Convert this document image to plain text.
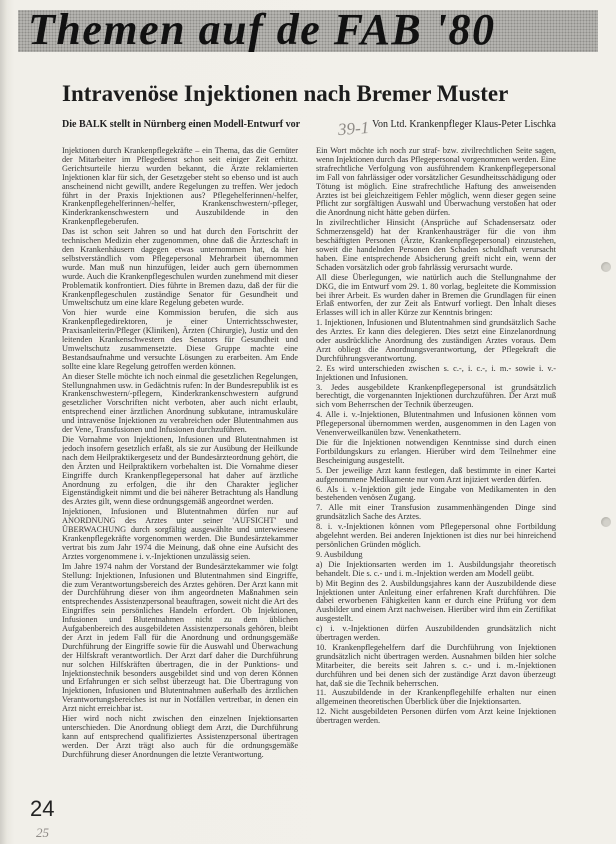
Themen auf de FAB '80
Intravenöse Injektionen nach Bremer Muster
Die BALK stellt in Nürnberg einen Modell-Entwurf vor 39-1 Von Ltd. Krankenpfleger Klaus-Peter Lischka

Injektionen durch Krankenpflegekräfte – ein Thema, das die Gemüter der Mitarbeiter im Pflegedienst schon seit einiger Zeit erhitzt. Gerichtsurteile hierzu wurden bekannt, die Ärzte reklamierten Injektionen klar für sich, der Gesetzgeber steht so ebenso und ist auch anscheinend nicht gewillt, andere Regelungen zu treffen. Wer jedoch führt in der Praxis Injektionen aus? Pflegehelferinnen/-helfer, Krankenpflegehelferinnen/-helfer, Krankenschwestern/-pfleger, Kinderkrankenschwestern und Auszubildende in den Krankenpflegeberufen.

Das ist schon seit Jahren so und hat durch den Fortschritt der technischen Medizin eher zugenommen, ohne daß die Ärzteschaft in den Krankenhäusern dagegen etwas unternommen hat, da hier selbstverständlich vom Pflegepersonal Mehrarbeit übernommen wurde. Man muß nun hinzufügen, leider auch gern übernommen wurde. Auch die Krankenpflegeschulen wurden zunehmend mit dieser Problematik konfrontiert. Dies führte in Bremen dazu, daß der für die Krankenpflegeschulen zuständige Senator für Gesundheit und Umweltschutz um eine klare Regelung gebeten wurde.

Von hier wurde eine Kommission berufen, die sich aus Krankenpflegedirektoren, je einer Unterrichtsschwester, Praxisanleiterin/Pfleger (Kliniken), Ärzten (Chirurgie), Justiz und den leitenden Krankenschwestern des Senators für Gesundheit und Umweltschutz zusammensetzte. Diese Gruppe machte eine Bestandsaufnahme und versuchte Lösungen zu erarbeiten. Am Ende sollte eine klare Regelung getroffen werden können.

An dieser Stelle möchte ich noch einmal die gesetzlichen Regelungen, Stellungnahmen usw. in Gedächtnis rufen: In der Bundesrepublik ist es Krankenschwestern/-pflegern, Kinderkrankenschwestern aufgrund gesetzlicher Vorschriften nicht verboten, aber auch nicht erlaubt, entsprechend einer ärztlichen Anordnung subkutane, intramuskuläre und intravenöse Injektionen zu verabreichen oder Blutentnahmen aus der Vene, Transfusionen und Infusionen durchzuführen.

Die Vornahme von Injektionen, Infusionen und Blutentnahmen ist jedoch insofern gesetzlich erfaßt, als sie zur Ausübung der Heilkunde nach dem Heilpraktikergesetz und der Bundesärzteordnung gehört, die den Ärzten und Heilpraktikern vorbehalten ist. Die Vornahme dieser Eingriffe durch Krankenpflegepersonal hat daher auf ärztliche Anordnung zu erfolgen, die ihr den Charakter jeglicher Eigenständigkeit nimmt und die bei näherer Betrachtung als Handlung des Arztes gilt, wenn diese ordnungsgemäß angeordnet werden.

Injektionen, Infusionen und Blutentnahmen dürfen nur auf ANORDNUNG des Arztes unter seiner 'AUFSICHT' und ÜBERWACHUNG durch sorgfältig ausgewählte und unterwiesene Krankenpflegekräfte vorgenommen werden. Die Bundesärztekammer vertrat bis zum Jahr 1974 die Meinung, daß ohne eine Aufsicht des Arztes vorgenommene i. v.-Injektionen unzulässig seien.

Im Jahre 1974 nahm der Vorstand der Bundesärztekammer wie folgt Stellung: Injektionen, Infusionen und Blutentnahmen sind Eingriffe, die zum Verantwortungsbereich des Arztes gehören. Der Arzt kann mit der Durchführung dieser von ihm angeordneten Maßnahmen sein entsprechendes Assistenzpersonal beauftragen, soweit nicht die Art des Eingriffes sein persönliches Handeln erfordert. Ob Injektionen, Infusionen und Blutentnahmen nicht zu dem üblichen Aufgabenbereich des ausgebildeten Assistenzpersonals gehören, bleibt der Arzt in jedem Fall für die Anordnung und ordnungsgemäße Durchführung der Eingriffe sowie für die Auswahl und Überwachung der Hilfskraft verantwortlich. Der Arzt darf daher die Durchführung nur solchen Hilfskräften übertragen, die in der Punktions- und Injektionstechnik besonders ausgebildet sind und von deren Können und Erfahrungen er sich selbst überzeugt hat. Die Übertragung von Injektionen, Infusionen und Blutentnahmen außerhalb des ärztlichen Verantwortungsbereiches ist nur in Notfällen vertretbar, in denen ein Arzt nicht erreichbar ist.

Hier wird noch nicht zwischen den einzelnen Injektionsarten unterschieden. Die Anordnung obliegt dem Arzt, die Durchführung kann auf entsprechend qualifiziertes Assistenzpersonal übertragen werden. Der Arzt trägt also auch für die ordnungsgemäße Durchführung dieser Anordnungen die letzte Verantwortung.

Ein Wort möchte ich noch zur straf- bzw. zivilrechtlichen Seite sagen, wenn Injektionen durch das Pflegepersonal vorgenommen werden. Eine strafrechtliche Verfolgung von ausführendem Krankenpflegepersonal im Fall von fahrlässiger oder vorsätzlicher Gesundheitsschädigung oder Tötung ist möglich. Eine strafrechtliche Haftung des anweisenden Arztes ist bei gleichzeitigem Fehler möglich, wenn dieser gegen seine Pflicht zur sorgfältigen Auswahl und Überwachung verstoßen hat oder die Anordnung nicht hätte geben dürfen.

In zivilrechtlicher Hinsicht (Ansprüche auf Schadensersatz oder Schmerzensgeld) hat der Krankenhausträger für die von ihm beschäftigten Personen (Ärzte, Krankenpflegepersonal) einzustehen, soweit die handelnden Personen den Schaden schuldhaft verursacht haben. Eine entsprechende Absicherung greift nicht ein, wenn der Schaden vorsätzlich oder grob fahrlässig verursacht wurde.

All diese Überlegungen, wie natürlich auch die Stellungnahme der DKG, die im Entwurf vom 29. 1. 80 vorlag, begleitete die Kommission bei ihrer Arbeit. Es wurden daher in Bremen die Grundlagen für einen Erlaß entworfen, der zur Zeit als Entwurf vorliegt. Den Inhalt dieses Erlasses will ich in aller Kürze zur Kenntnis bringen:

1. Injektionen, Infusionen und Blutentnahmen sind grundsätzlich Sache des Arztes. Er kann dies delegieren. Dies setzt eine Einzelanordnung oder ausdrückliche Anordnung des zuständigen Arztes voraus. Dem Arzt obliegt die Anordnungsverantwortung, der Pflegekraft die Durchführungsverantwortung.

2. Es wird unterschieden zwischen s. c.-, i. c.-, i. m.- sowie i. v.-Injektionen und Infusionen.

3. Jedes ausgebildete Krankenpflegepersonal ist grundsätzlich berechtigt, die vorgenannten Injektionen durchzuführen. Der Arzt muß sich vom Beherrschen der Technik überzeugen.

4. Alle i. v.-Injektionen, Blutentnahmen und Infusionen können vom Pflegepersonal übernommen werden, ausgenommen in den Lagen von Venenverweilkanülen bzw. Venenkathetern.

Die für die Injektionen notwendigen Kenntnisse sind durch einen Fortbildungskurs zu erlangen. Hierüber wird dem Teilnehmer eine Bescheinigung ausgestellt.

5. Der jeweilige Arzt kann festlegen, daß bestimmte in einer Kartei aufgenommene Medikamente nur vom Arzt injiziert werden dürfen.

6. Als i. v.-Injektion gilt jede Eingabe von Medikamenten in den bestehenden venösen Zugang.

7. Alle mit einer Transfusion zusammenhängenden Dinge sind grundsätzlich Sache des Arztes.

8. i. v.-Injektionen können vom Pflegepersonal ohne Fortbildung abgelehnt werden. Bei anderen Injektionen ist dies nur bei hinreichend persönlichen Gründen möglich.

9. Ausbildung

a) Die Injektionsarten werden im 1. Ausbildungsjahr theoretisch behandelt. Die s. c.- und i. m.-Injektion werden am Modell geübt.

b) Mit Beginn des 2. Ausbildungsjahres kann der Auszubildende diese Injektionen unter Anleitung einer erfahrenen Kraft durchführen. Die dabei erworbenen Fähigkeiten kann er durch eine Prüfung vor dem Ausbilder und einem Arzt nachweisen. Hierüber wird ihm ein Zertifikat ausgestellt.

c) i. v.-Injektionen dürfen Auszubildenden grundsätzlich nicht übertragen werden.

10. Krankenpflegehelfern darf die Durchführung von Injektionen grundsätzlich nicht übertragen werden. Ausnahmen bilden hier solche Mitarbeiter, die bereits seit Jahren s. c.- und i. m.-Injektionen durchführen und bei denen sich der zuständige Arzt davon überzeugt hat, daß sie die Technik beherrschen.

11. Auszubildende in der Krankenpflegehilfe erhalten nur einen allgemeinen theoretischen Überblick über die Injektionsarten.

12. Nicht ausgebildeten Personen dürfen vom Arzt keine Injektionen übertragen werden.

24
25
